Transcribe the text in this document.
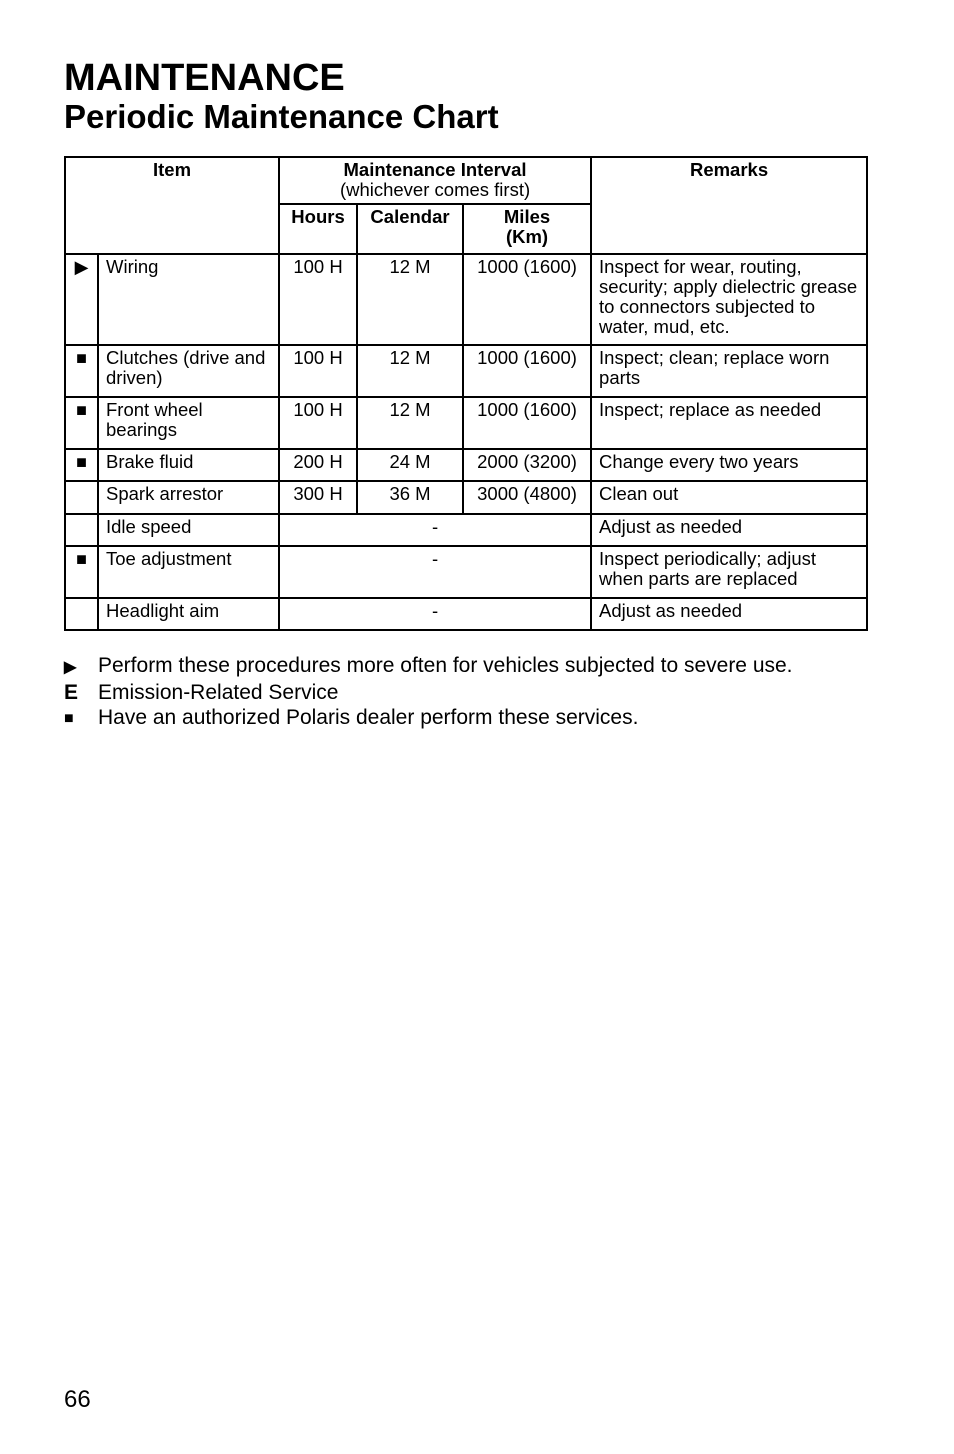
MAINTENANCE
Periodic Maintenance Chart
Item		Maintenance Interval
(whichever comes first)			Remarks
		Hours	Calendar	Miles
(Km)	
▶	Wiring	100 H	12 M	1000 (1600)	Inspect for wear, routing, security; apply dielectric grease to connectors subjected to water, mud, etc.
■	Clutches (drive and driven)	100 H	12 M	1000 (1600)	Inspect; clean; replace worn parts
■	Front wheel bearings	100 H	12 M	1000 (1600)	Inspect; replace as needed
■	Brake fluid	200 H	24 M	2000 (3200)	Change every two years
	Spark arrestor	300 H	36 M	3000 (4800)	Clean out
	Idle speed	-			Adjust as needed
■	Toe adjustment	-			Inspect periodically; adjust when parts are replaced
	Headlight aim	-			Adjust as needed
▶	Perform these procedures more often for vehicles subjected to severe use.
E Emission-Related Service
■	Have an authorized Polaris dealer perform these services.
66
